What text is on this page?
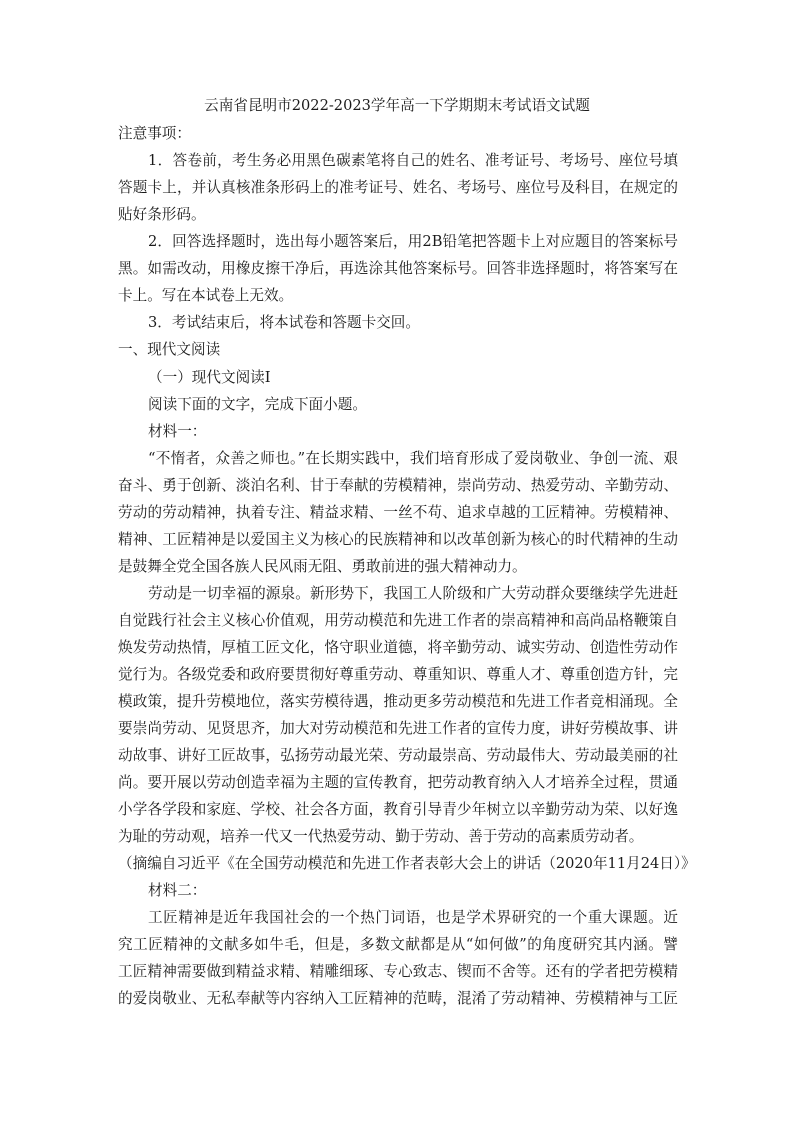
云南省昆明市2022-2023学年高一下学期期末考试语文试题
注意事项：
1．答卷前，考生务必用黑色碳素笔将自己的姓名、准考证号、考场号、座位号填
答题卡上，并认真核准条形码上的准考证号、姓名、考场号、座位号及科目，在规定的
贴好条形码。
2．回答选择题时，选出每小题答案后，用2B铅笔把答题卡上对应题目的答案标号
黑。如需改动，用橡皮擦干净后，再选涂其他答案标号。回答非选择题时，将答案写在
卡上。写在本试卷上无效。
3．考试结束后，将本试卷和答题卡交回。
一、现代文阅读
（一）现代文阅读Ⅰ
阅读下面的文字，完成下面小题。
材料一：
“不惰者，众善之师也。”在长期实践中，我们培育形成了爱岗敬业、争创一流、艰
奋斗、勇于创新、淡泊名利、甘于奉献的劳模精神，崇尚劳动、热爱劳动、辛勤劳动、
劳动的劳动精神，执着专注、精益求精、一丝不苟、追求卓越的工匠精神。劳模精神、
精神、工匠精神是以爱国主义为核心的民族精神和以改革创新为核心的时代精神的生动
是鼓舞全党全国各族人民风雨无阻、勇敢前进的强大精神动力。
劳动是一切幸福的源泉。新形势下，我国工人阶级和广大劳动群众要继续学先进赶
自觉践行社会主义核心价值观，用劳动模范和先进工作者的崇高精神和高尚品格鞭策自
焕发劳动热情，厚植工匠文化，恪守职业道德，将辛勤劳动、诚实劳动、创造性劳动作
觉行为。各级党委和政府要贯彻好尊重劳动、尊重知识、尊重人才、尊重创造方针，完
模政策，提升劳模地位，落实劳模待遇，推动更多劳动模范和先进工作者竞相涌现。全
要崇尚劳动、见贤思齐，加大对劳动模范和先进工作者的宣传力度，讲好劳模故事、讲
动故事、讲好工匠故事，弘扬劳动最光荣、劳动最崇高、劳动最伟大、劳动最美丽的社
尚。要开展以劳动创造幸福为主题的宣传教育，把劳动教育纳入人才培养全过程，贯通
小学各学段和家庭、学校、社会各方面，教育引导青少年树立以辛勤劳动为荣、以好逸
为耻的劳动观，培养一代又一代热爱劳动、勤于劳动、善于劳动的高素质劳动者。
（摘编自习近平《在全国劳动模范和先进工作者表彰大会上的讲话（2020年11月24日）》
材料二：
工匠精神是近年我国社会的一个热门词语，也是学术界研究的一个重大课题。近
究工匠精神的文献多如牛毛，但是，多数文献都是从“如何做”的角度研究其内涵。譬
工匠精神需要做到精益求精、精雕细琢、专心致志、锲而不舍等。还有的学者把劳模精
的爱岗敬业、无私奉献等内容纳入工匠精神的范畴，混淆了劳动精神、劳模精神与工匠
